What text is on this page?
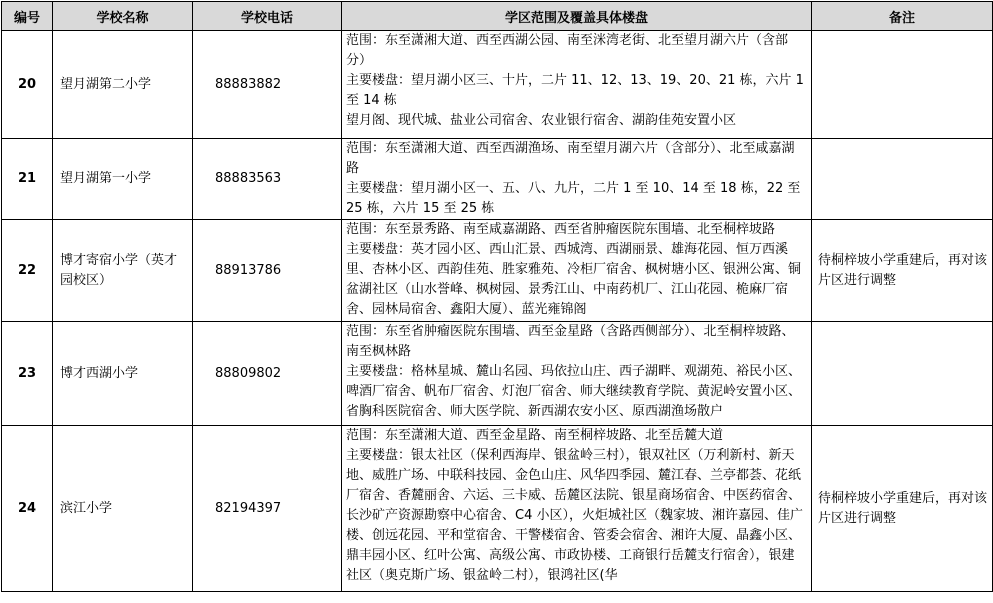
编号	学校名称	学校电话	学区范围及覆盖具体楼盘	备注
20	望月湖第二小学	88883882	范围：东至潇湘大道、西至西湖公园、南至洣湾老街、北至望月湖六片（含部分）
主要楼盘：望月湖小区三、十片，二片 11、12、13、19、20、21 栋，六片 1 至 14 栋
望月阁、现代城、盐业公司宿舍、农业银行宿舍、湖韵佳苑安置小区	

21	望月湖第一小学	88883563	范围：东至潇湘大道、西至西湖渔场、南至望月湖六片（含部分）、北至咸嘉湖路
主要楼盘：望月湖小区一、五、八、九片，二片 1 至 10、14 至 18 栋，22 至 25 栋，六片 15 至 25 栋	

22	博才寄宿小学（英才园校区）	88913786	范围：东至景秀路、南至咸嘉湖路、西至省肿瘤医院东围墙、北至桐梓坡路
主要楼盘：英才园小区、西山汇景、西城湾、西湖丽景、雄海花园、恒万西溪里、杏林小区、西韵佳苑、胜家雅苑、冷柜厂宿舍、枫树塘小区、银洲公寓、铜盆湖社区（山水誉峰、枫树园、景秀江山、中南药机厂、江山花园、桅麻厂宿舍、园林局宿舍、鑫阳大厦）、蓝光雍锦阁	待桐梓坡小学重建后，再对该片区进行调整
23	博才西湖小学	88809802	范围：东至省肿瘤医院东围墙、西至金星路（含路西侧部分）、北至桐梓坡路、南至枫林路
主要楼盘：格林星城、麓山名园、玛依拉山庄、西子湖畔、观湖苑、裕民小区、啤酒厂宿舍、帆布厂宿舍、灯泡厂宿舍、师大继续教育学院、黄泥岭安置小区、省胸科医院宿舍、师大医学院、新西湖农安小区、原西湖渔场散户	

24	滨江小学	82194397	范围：东至潇湘大道、西至金星路、南至桐梓坡路、北至岳麓大道
主要楼盘：银太社区（保利西海岸、银盆岭三村），银双社区（万利新村、新天地、威胜广场、中联科技园、金色山庄、风华四季园、麓江春、兰亭都荟、花纸厂宿舍、香麓丽舍、六运、三卡威、岳麓区法院、银星商场宿舍、中医药宿舍、长沙矿产资源勘察中心宿舍、C4 小区），火炬城社区（魏家坡、湘许嘉园、佳广楼、创远花园、平和堂宿舍、干警楼宿舍、管委会宿舍、湘许大厦、晶鑫小区、鼎丰园小区、红叶公寓、高级公寓、市政协楼、工商银行岳麓支行宿舍），银建社区（奥克斯广场、银盆岭二村），银鸿社区(华	待桐梓坡小学重建后，再对该片区进行调整
